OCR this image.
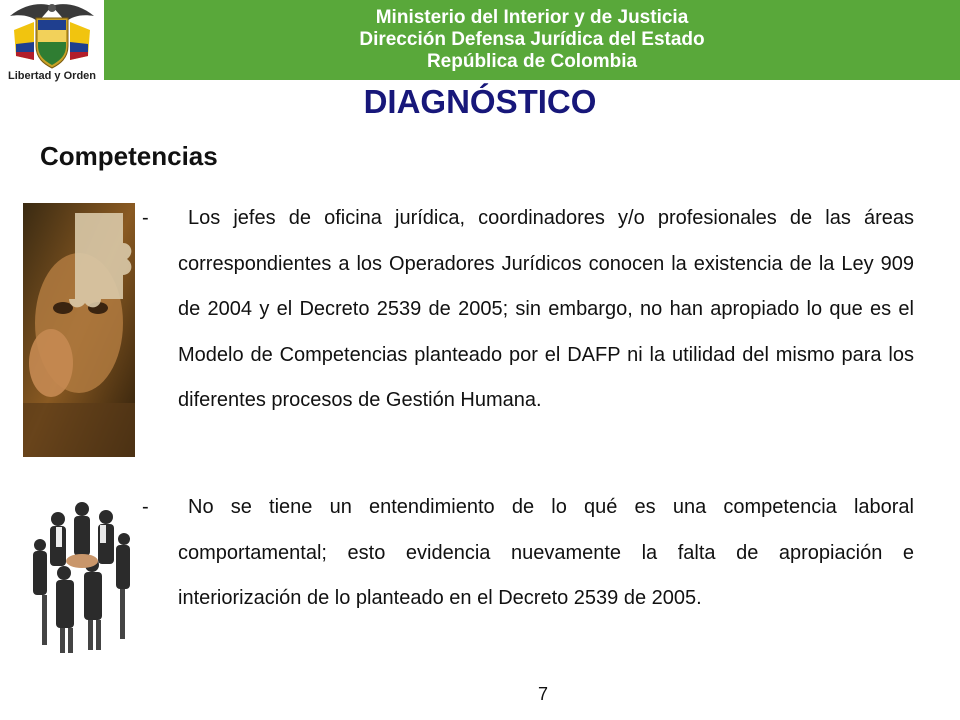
Libertad y Orden
Ministerio del Interior y de Justicia
Dirección Defensa Jurídica del Estado
República de Colombia
DIAGNÓSTICO
Competencias
- Los jefes de oficina jurídica, coordinadores y/o profesionales de las áreas correspondientes a los Operadores Jurídicos conocen la existencia de la Ley 909 de 2004 y el Decreto 2539 de 2005; sin embargo, no han apropiado lo que es el Modelo de Competencias planteado por el DAFP ni la utilidad del mismo para los diferentes procesos de Gestión Humana.
- No se tiene un entendimiento de lo qué es una competencia laboral comportamental; esto evidencia nuevamente la falta de apropiación e interiorización de lo planteado en el Decreto 2539 de 2005.
7
